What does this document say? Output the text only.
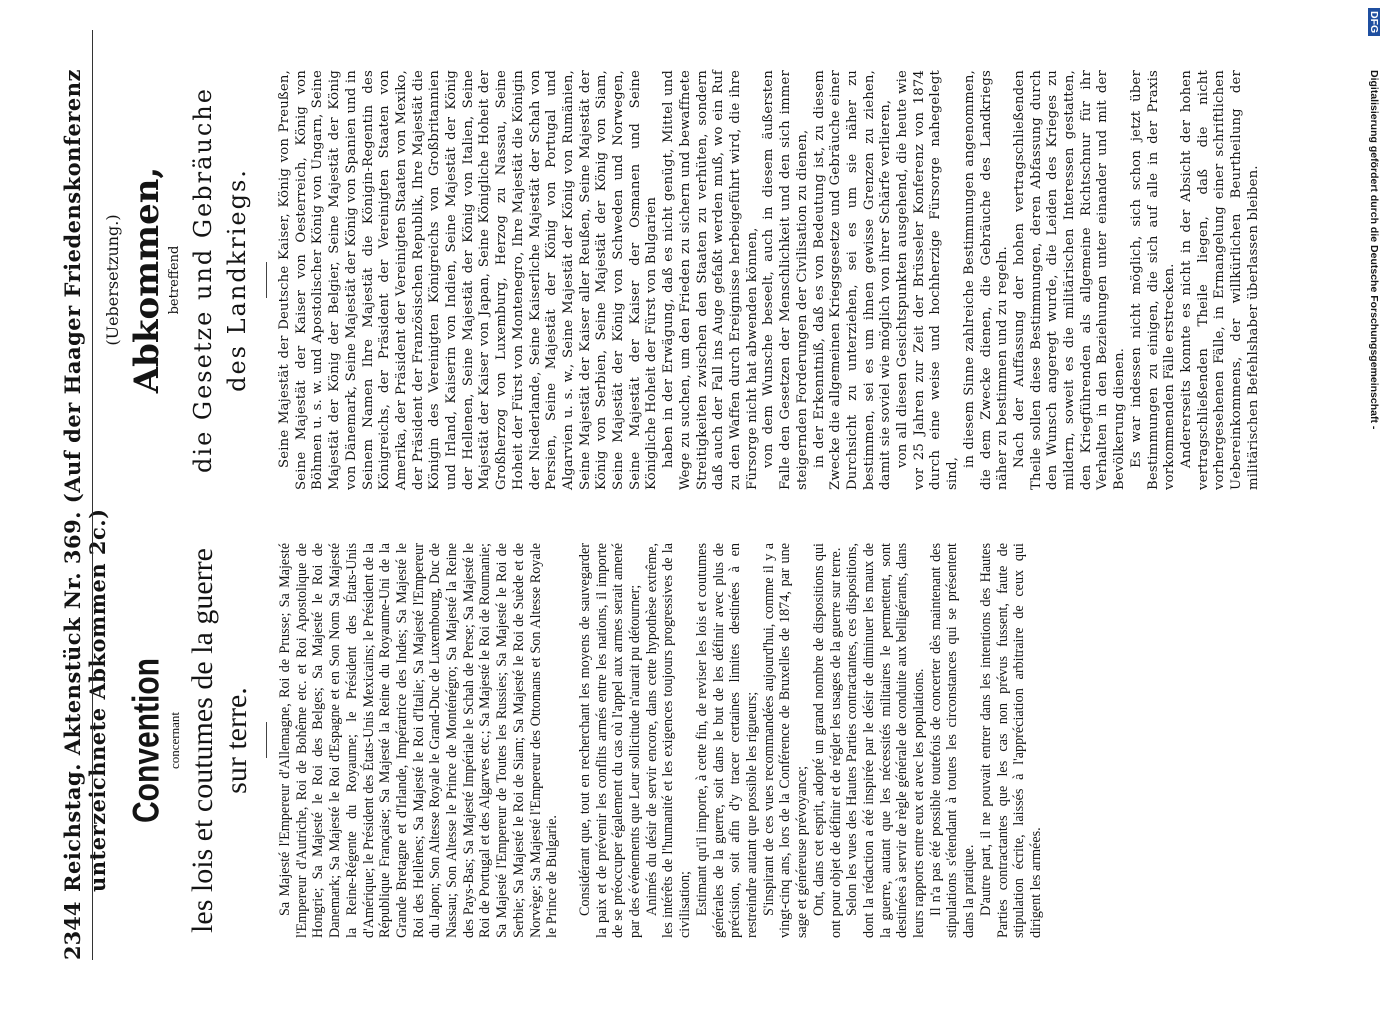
2344
Reichstag. Aktenstück Nr. 369. (Auf der Haager Friedenskonferenz unterzeichnete Abkommen 2c.) Convention concernant les lois et coutumes de la guerre sur terre. Sa Majesté l'Empereur d'Allemagne, Roi de Prusse; Sa Majesté l'Empereur d'Autriche, Roi de Bohême etc. et Roi Apostolique de Hongrie; Sa Majesté le Roi des Belges; Sa Majesté le Roi de Danemark; Sa Majesté le Roi d'Espagne et en Son Nom Sa Majesté la Reine-Régente du Royaume; le Président des États-Unis d'Amérique; le Président des États-Unis Mexicains; le Président de la République Française; Sa Majesté la Reine du Royaume-Uni de la Grande Bretagne et d'Irlande, Impératrice des Indes; Sa Majesté le Roi des Hellènes; Sa Majesté le Roi d'Italie; Sa Majesté l'Empereur du Japon; Son Altesse Royale le Grand-Duc de Luxembourg, Duc de Nassau; Son Altesse le Prince de Monténégro; Sa Majesté la Reine des Pays-Bas; Sa Majesté Impériale le Schah de Perse; Sa Majesté le Roi de Portugal et des Algarves etc.; Sa Majesté le Roi de Roumanie; Sa Majesté l'Empereur de Toutes les Russies; Sa Majesté le Roi de Serbie; Sa Majesté le Roi de Siam; Sa Majesté le Roi de Suède et de Norvège; Sa Majesté l'Empereur des Ottomans et Son Altesse Royale le Prince de Bulgarie. Considérant que, tout en recherchant les moyens de sauvegarder la paix et de prévenir les conflits armés entre les nations, il importe de se préoccuper également du cas où l'appel aux armes serait amené par des événements que Leur sollicitude n'aurait pu détourner; Animés du désir de servir encore, dans cette hypothèse extrême, les intérêts de l'humanité et les exigences toujours progressives de la civilisation; Estimant qu'il importe, à cette fin, de reviser les lois et coutumes générales de la guerre, soit dans le but de les définir avec plus de précision, soit afin d'y tracer certaines limites destinées à en restreindre autant que possible les rigueurs; S'inspirant de ces vues recommandées aujourd'hui, comme il y a vingt-cinq ans, lors de la Conférence de Bruxelles de 1874, par une sage et généreuse prévoyance; Ont, dans cet esprit, adopté un grand nombre de dispositions qui ont pour objet de définir et de régler les usages de la guerre sur terre. Selon les vues des Hautes Parties contractantes, ces dispositions, dont la rédaction a été inspirée par le désir de diminuer les maux de la guerre, autant que les nécessités militaires le permettent, sont destinées à servir de règle générale de conduite aux belligérants, dans leurs rapports entre eux et avec les populations. Il n'a pas été possible toutefois de concerter dès maintenant des stipulations s'étendant à toutes les circonstances qui se présentent dans la pratique. D'autre part, il ne pouvait entrer dans les intentions des Hautes Parties contractantes que les cas non prévus fussent, faute de stipulation écrite, laissés à l'appréciation arbitraire de ceux qui dirigent les armées.

(Uebersetzung.) Abkommen, betreffend die Gesetze und Gebräuche des Landkriegs. Seine Majestät der Deutsche Kaiser, König von Preußen, Seine Majestät der Kaiser von Oesterreich, König von Böhmen u. s. w. und Apostolischer König von Ungarn, Seine Majestät der König der Belgier, Seine Majestät der König von Dänemark, Seine Majestät der König von Spanien und in Seinem Namen Ihre Majestät die Königin-Regentin des Königreichs, der Präsident der Vereinigten Staaten von Amerika, der Präsident der Vereinigten Staaten von Mexiko, der Präsident der Französischen Republik, Ihre Majestät die Königin des Vereinigten Königreichs von Großbritannien und Irland, Kaiserin von Indien, Seine Majestät der König der Hellenen, Seine Majestät der König von Italien, Seine Majestät der Kaiser von Japan, Seine Königliche Hoheit der Großherzog von Luxemburg, Herzog zu Nassau, Seine Hoheit der Fürst von Montenegro, Ihre Majestät die Königin der Niederlande, Seine Kaiserliche Majestät der Schah von Persien, Seine Majestät der König von Portugal und Algarvien u. s. w., Seine Majestät der König von Rumänien, Seine Majestät der Kaiser aller Reußen, Seine Majestät der König von Serbien, Seine Majestät der König von Siam, Seine Majestät der König von Schweden und Norwegen, Seine Majestät der Kaiser der Osmanen und Seine Königliche Hoheit der Fürst von Bulgarien haben in der Erwägung, daß es nicht genügt, Mittel und Wege zu suchen, um den Frieden zu sichern und bewaffnete Streitigkeiten zwischen den Staaten zu verhüten, sondern daß auch der Fall ins Auge gefaßt werden muß, wo ein Ruf zu den Waffen durch Ereignisse herbeigeführt wird, die ihre Fürsorge nicht hat abwenden können, von dem Wunsche beseelt, auch in diesem äußersten Falle den Gesetzen der Menschlichkeit und den sich immer steigernden Forderungen der Civilisation zu dienen, in der Erkenntniß, daß es von Bedeutung ist, zu diesem Zwecke die allgemeinen Kriegsgesetze und Gebräuche einer Durchsicht zu unterziehen, sei es um sie näher zu bestimmen, sei es um ihnen gewisse Grenzen zu ziehen, damit sie soviel wie möglich von ihrer Schärfe verlieren, von all diesen Gesichtspunkten ausgehend, die heute wie vor 25 Jahren zur Zeit der Brüsseler Konferenz von 1874 durch eine weise und hochherzige Fürsorge nahegelegt sind,

in diesem Sinne zahlreiche Bestimmungen angenommen, die dem Zwecke dienen, die Gebräuche des Landkriegs näher zu bestimmen und zu regeln. Nach der Auffassung der hohen vertragschließenden Theile sollen diese Bestimmungen, deren Abfassung durch den Wunsch angeregt wurde, die Leiden des Krieges zu mildern, soweit es die militärischen Interessen gestatten, den Kriegführenden als allgemeine Richtschnur für ihr Verhalten in den Beziehungen unter einander und mit der Bevölkerung dienen. Es war indessen nicht möglich, sich schon jetzt über Bestimmungen zu einigen, die sich auf alle in der Praxis vorkommenden Fälle erstrecken. Andererseits konnte es nicht in der Absicht der hohen vertragschließenden Theile liegen, daß die nicht vorhergesehenen Fälle, in Ermangelung einer schriftlichen Uebereinkommens, der willkürlichen Beurtheilung der militärischen Befehlshaber überlassen bleiben.

DFG
Digitalisierung gefördert durch die Deutsche Forschungsgemeinschaft -
